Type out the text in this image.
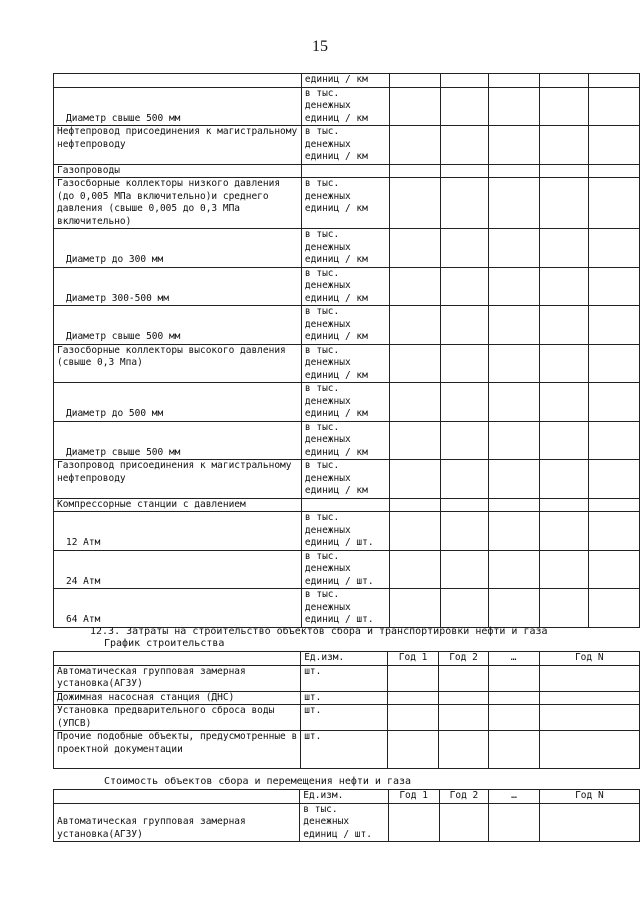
15
	единиц / км					
Диаметр свыше 500 мм	в тыс.
денежных
единиц / км					
Нефтепровод присоединения к магистральному нефтепроводу	в тыс.
денежных
единиц / км					
Газопроводы						
Газосборные коллекторы низкого давления (до 0,005 МПа включительно)и среднего давления (свыше 0,005 до 0,3 МПа включительно)	в тыс.
денежных
единиц / км					
Диаметр до 300 мм	в тыс.
денежных
единиц / км					
Диаметр 300-500 мм	в тыс.
денежных
единиц / км					
Диаметр свыше 500 мм	в тыс.
денежных
единиц / км					
Газосборные коллекторы высокого давления (свыше 0,3 Мпа)	в тыс.
денежных
единиц / км					
Диаметр до 500 мм	в тыс.
денежных
единиц / км					
Диаметр свыше 500 мм	в тыс.
денежных
единиц / км					
Газопровод присоединения к магистральному нефтепроводу	в тыс.
денежных
единиц / км					
Компрессорные станции с давлением						
12 Атм	в тыс.
денежных
единиц / шт.					
24 Атм	в тыс.
денежных
единиц / шт.					
64 Атм	в тыс.
денежных
единиц / шт.					
12.3. Затраты на строительство объектов сбора и транспортировки нефти и газа
График строительства
	Ед.изм.	Год 1	Год 2	…	Год N
Автоматическая групповая замерная установка(АГЗУ)	шт.				
Дожимная насосная станция (ДНС)	шт.				
Установка предварительного сброса воды (УПСВ)	шт.				
Прочие подобные объекты, предусмотренные в проектной документации	шт.				
Стоимость объектов сбора и перемещения нефти и газа
	Ед.изм.	Год 1	Год 2	…	Год N
Автоматическая групповая замерная установка(АГЗУ)	в тыс.
денежных
единиц / шт.				
